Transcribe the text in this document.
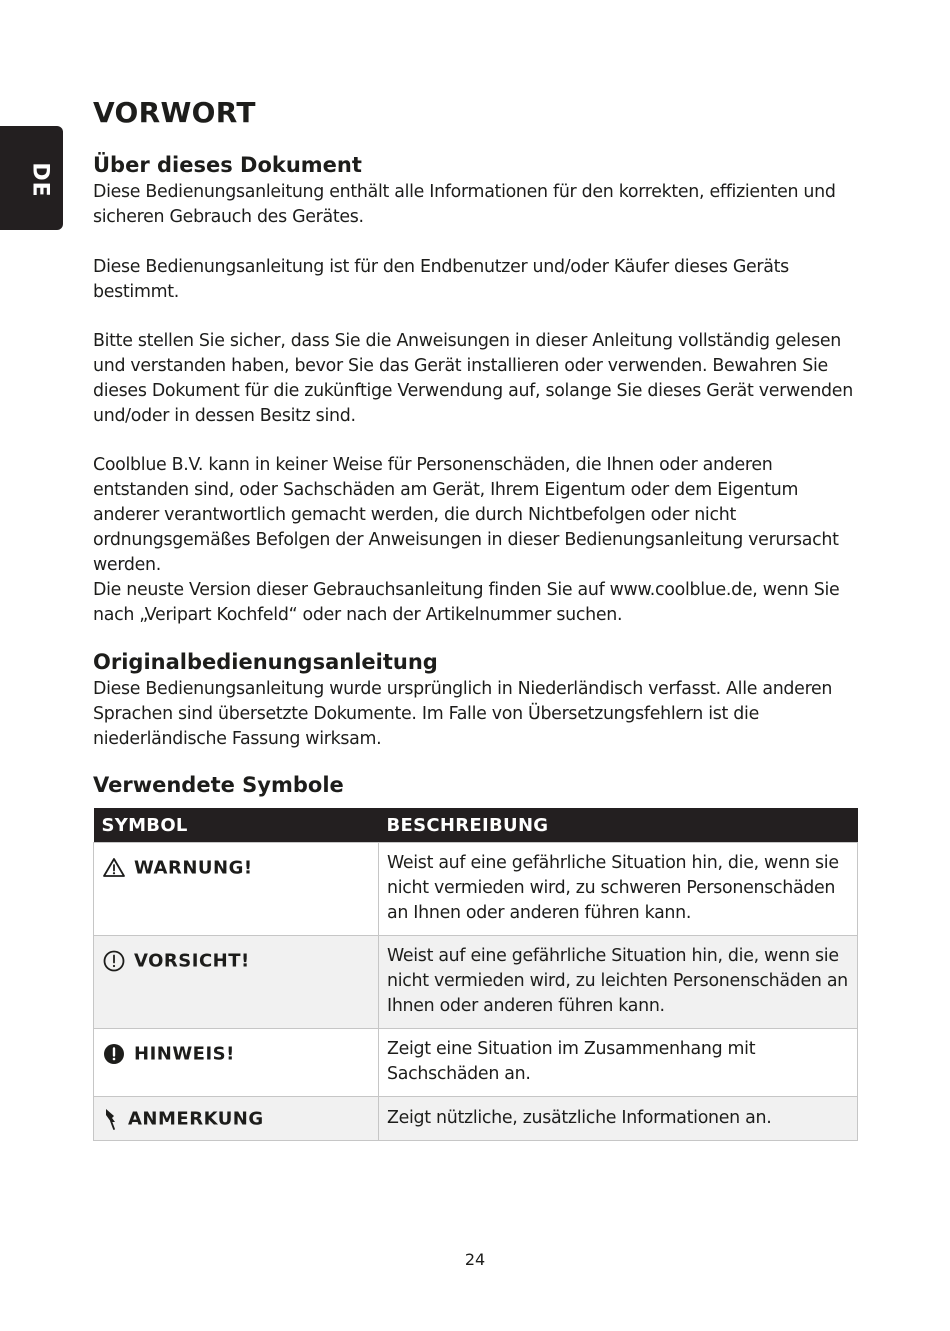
DE
VORWORT
Über dieses Dokument

Diese Bedienungsanleitung enthält alle Informationen für den korrekten, effizienten und sicheren Gebrauch des Gerätes.

Diese Bedienungsanleitung ist für den Endbenutzer und/oder Käufer dieses Geräts bestimmt.

Bitte stellen Sie sicher, dass Sie die Anweisungen in dieser Anleitung vollständig gelesen und verstanden haben, bevor Sie das Gerät installieren oder verwenden. Bewahren Sie dieses Dokument für die zukünftige Verwendung auf, solange Sie dieses Gerät verwenden und/oder in dessen Besitz sind.

Coolblue B.V. kann in keiner Weise für Personenschäden, die Ihnen oder anderen entstanden sind, oder Sachschäden am Gerät, Ihrem Eigentum oder dem Eigentum anderer verantwortlich gemacht werden, die durch Nichtbefolgen oder nicht ordnungsgemäßes Befolgen der Anweisungen in dieser Bedienungsanleitung verursacht werden.

Die neuste Version dieser Gebrauchsanleitung finden Sie auf www.coolblue.de, wenn Sie nach „Veripart Kochfeld“ oder nach der Artikelnummer suchen.

Originalbedienungsanleitung

Diese Bedienungsanleitung wurde ursprünglich in Niederländisch verfasst. Alle anderen Sprachen sind übersetzte Dokumente. Im Falle von Übersetzungsfehlern ist die niederländische Fassung wirksam.

Verwendete Symbole
SYMBOL	BESCHREIBUNG
WARNUNG!	Weist auf eine gefährliche Situation hin, die, wenn sie nicht vermieden wird, zu schweren Personenschäden an Ihnen oder anderen führen kann.
VORSICHT!	Weist auf eine gefährliche Situation hin, die, wenn sie nicht vermieden wird, zu leichten Personenschäden an Ihnen oder anderen führen kann.
HINWEIS!	Zeigt eine Situation im Zusammenhang mit Sachschäden an.
ANMERKUNG	Zeigt nützliche, zusätzliche Informationen an.
24
